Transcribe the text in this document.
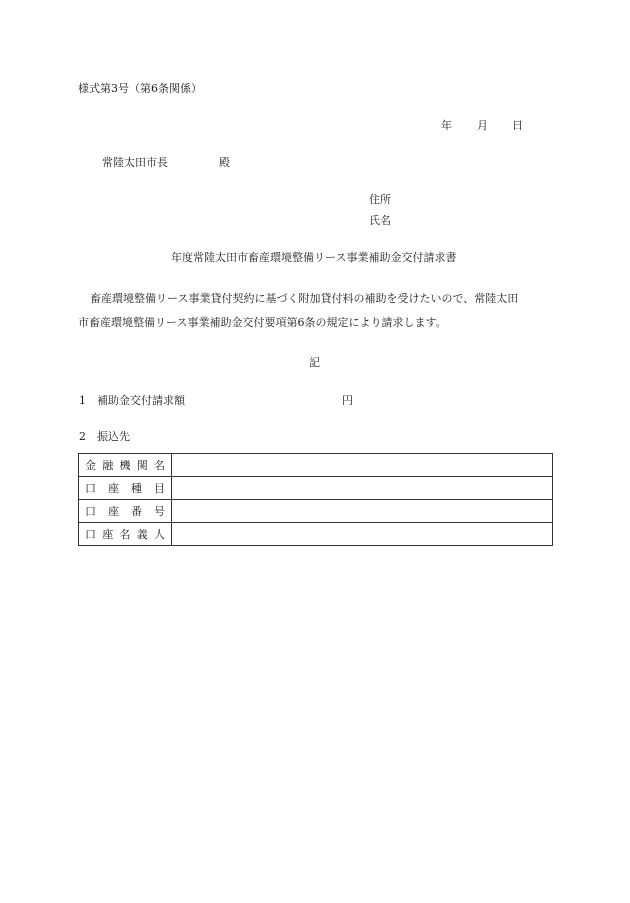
様式第3号（第6条関係）
年 月 日
常陸太田市長	殿
住所
氏名
年度常陸太田市畜産環境整備リース事業補助金交付請求書
畜産環境整備リース事業貸付契約に基づく附加貸付料の補助を受けたいので、常陸太田
市畜産環境整備リース事業補助金交付要項第6条の規定により請求します。
記
1 補助金交付請求額	円
2 振込先
金 融 機 関 名	

口 座 種 目	

口 座 番 号	

口 座 名 義 人	
